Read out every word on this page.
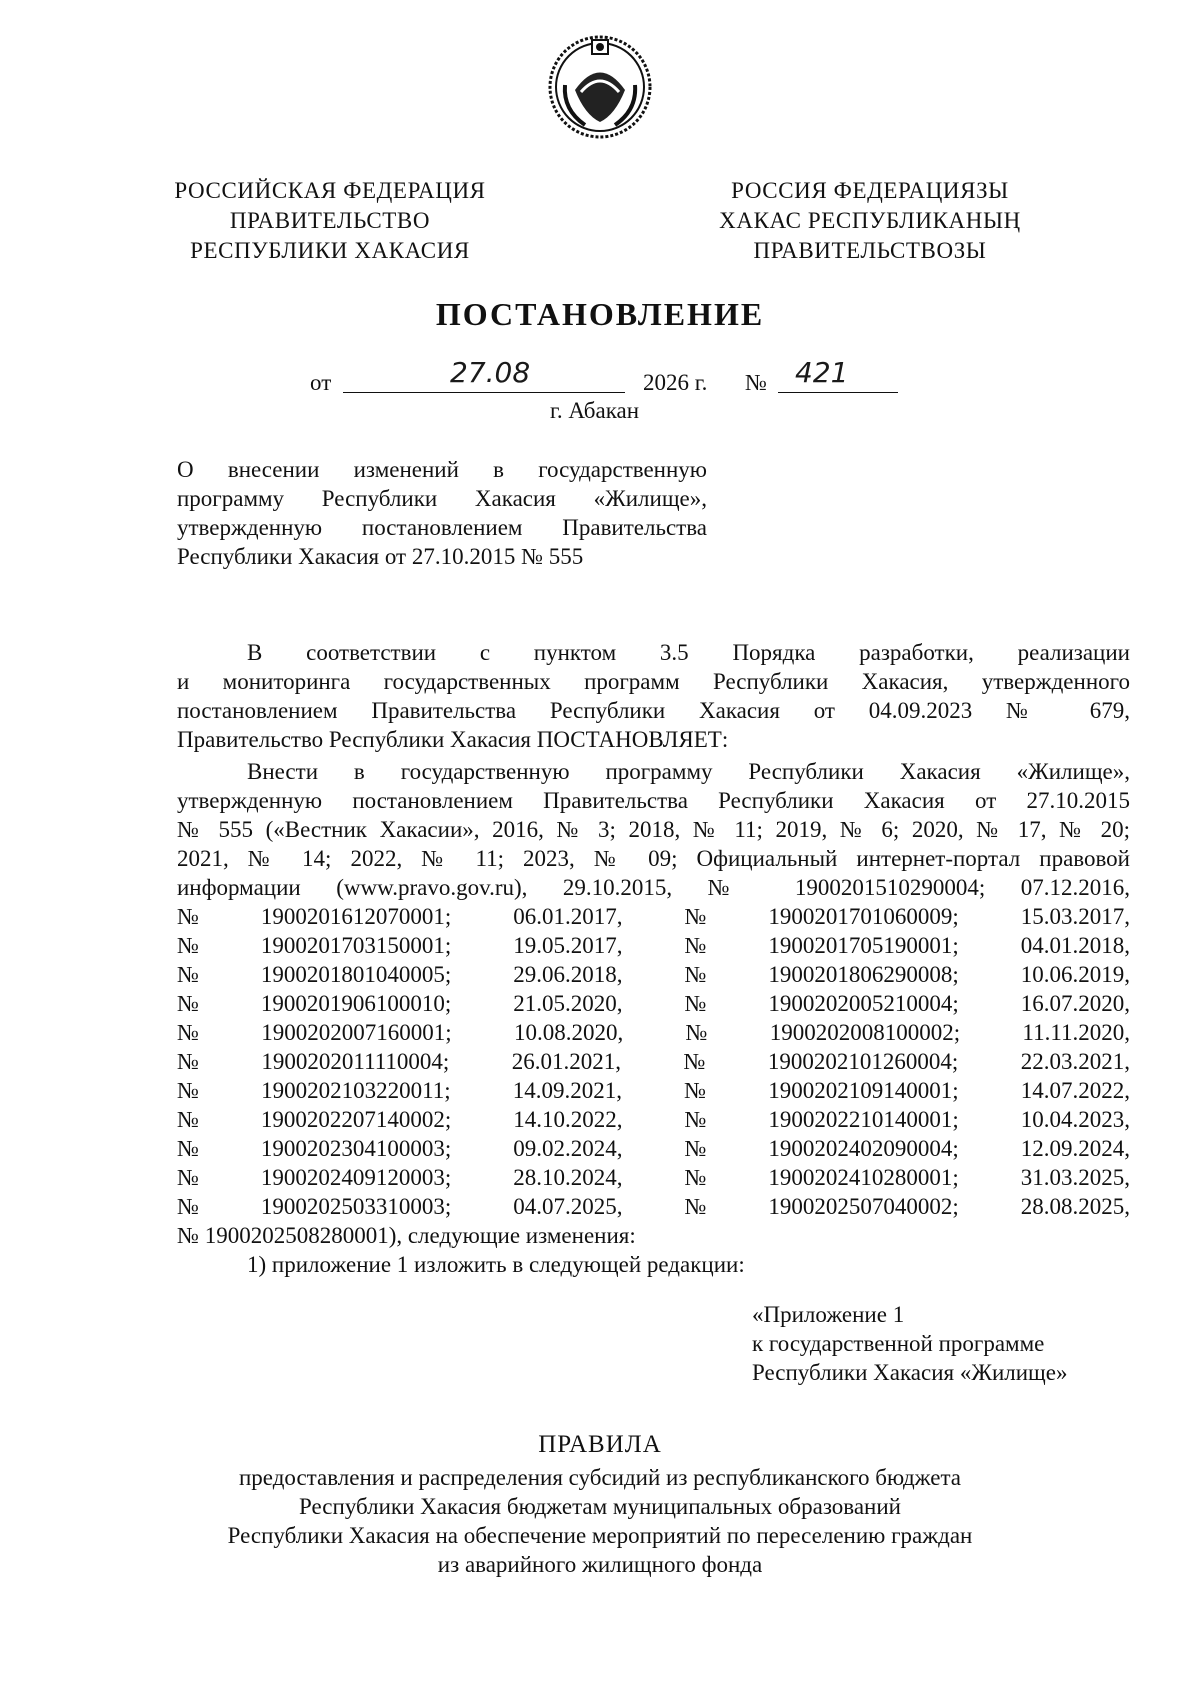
РОССИЙСКАЯ ФЕДЕРАЦИЯ
ПРАВИТЕЛЬСТВО
РЕСПУБЛИКИ ХАКАСИЯ
РОССИЯ ФЕДЕРАЦИЯЗЫ
ХАКАС РЕСПУБЛИКАНЫҢ
ПРАВИТЕЛЬСТВОЗЫ
ПОСТАНОВЛЕНИЕ
от	27.08	2026 г. № 421
г. Абакан
О внесении изменений в государственную
программу Республики Хакасия «Жилище»,
утвержденную постановлением Правительства
Республики Хакасия от 27.10.2015 № 555
В соответствии с пунктом 3.5 Порядка разработки, реализации
и мониторинга государственных программ Республики Хакасия, утвержденного
постановлением Правительства Республики Хакасия от 04.09.2023 № 679,
Правительство Республики Хакасия ПОСТАНОВЛЯЕТ:
Внести в государственную программу Республики Хакасия «Жилище»,
утвержденную постановлением Правительства Республики Хакасия от 27.10.2015
№ 555 («Вестник Хакасии», 2016, № 3; 2018, № 11; 2019, № 6; 2020, № 17, № 20;
2021, № 14; 2022, № 11; 2023, № 09; Официальный интернет-портал правовой
информации (www.pravo.gov.ru), 29.10.2015, № 1900201510290004; 07.12.2016,
№	1900201612070001;	06.01.2017,	№	1900201701060009;	15.03.2017,
№	1900201703150001;	19.05.2017,	№	1900201705190001;	04.01.2018,
№	1900201801040005;	29.06.2018,	№	1900201806290008;	10.06.2019,
№	1900201906100010;	21.05.2020,	№	1900202005210004;	16.07.2020,
№	1900202007160001;	10.08.2020,	№	1900202008100002;	11.11.2020,
№	1900202011110004;	26.01.2021,	№	1900202101260004;	22.03.2021,
№	1900202103220011;	14.09.2021,	№	1900202109140001;	14.07.2022,
№	1900202207140002;	14.10.2022,	№	1900202210140001;	10.04.2023,
№	1900202304100003;	09.02.2024,	№	1900202402090004;	12.09.2024,
№	1900202409120003;	28.10.2024,	№	1900202410280001;	31.03.2025,
№	1900202503310003;	04.07.2025,	№	1900202507040002;	28.08.2025,
№ 1900202508280001), следующие изменения:
1) приложение 1 изложить в следующей редакции:
«Приложение 1
к государственной программе
Республики Хакасия «Жилище»
ПРАВИЛА
предоставления и распределения субсидий из республиканского бюджета
Республики Хакасия бюджетам муниципальных образований
Республики Хакасия на обеспечение мероприятий по переселению граждан
из аварийного жилищного фонда
